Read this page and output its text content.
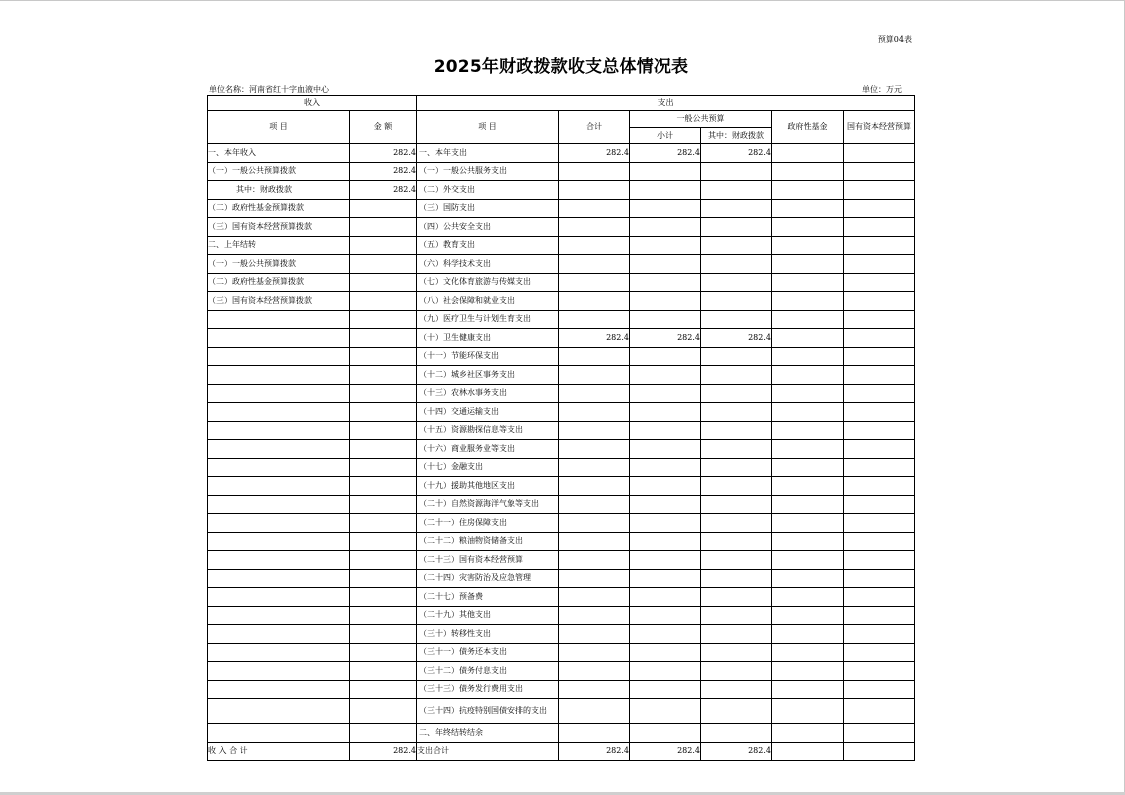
预算04表
2025年财政拨款收支总体情况表
单位名称：河南省红十字血液中心	单位：万元
收入		支出					
项 目	金 额	项 目	合计	一般公共预算		政府性基金	国有资本经营预算
				小计	其中：财政拨款		
一、本年收入	282.4	一、本年支出	282.4	282.4	282.4		
（一）一般公共预算拨款	282.4	（一）一般公共服务支出					
其中：财政拨款	282.4	（二）外交支出					
（二）政府性基金预算拨款		（三）国防支出					
（三）国有资本经营预算拨款		（四）公共安全支出					
二、上年结转		（五）教育支出					
（一）一般公共预算拨款		（六）科学技术支出					
（二）政府性基金预算拨款		（七）文化体育旅游与传媒支出					
（三）国有资本经营预算拨款		（八）社会保障和就业支出					
		（九）医疗卫生与计划生育支出					
		（十）卫生健康支出	282.4	282.4	282.4		
		（十一）节能环保支出					
		（十二）城乡社区事务支出					
		（十三）农林水事务支出					
		（十四）交通运输支出					
		（十五）资源勘探信息等支出					
		（十六）商业服务业等支出					
		（十七）金融支出					
		（十九）援助其他地区支出					
		（二十）自然资源海洋气象等支出					
		（二十一）住房保障支出					
		（二十二）粮油物资储备支出					
		（二十三）国有资本经营预算					
		（二十四）灾害防治及应急管理					
		（二十七）预备费					
		（二十九）其他支出					
		（三十）转移性支出					
		（三十一）债务还本支出					
		（三十二）债务付息支出					
		（三十三）债务发行费用支出					
		（三十四）抗疫特别国债安排的支出					
		二、年终结转结余					
收 入 合 计	282.4	支出合计	282.4	282.4	282.4		
